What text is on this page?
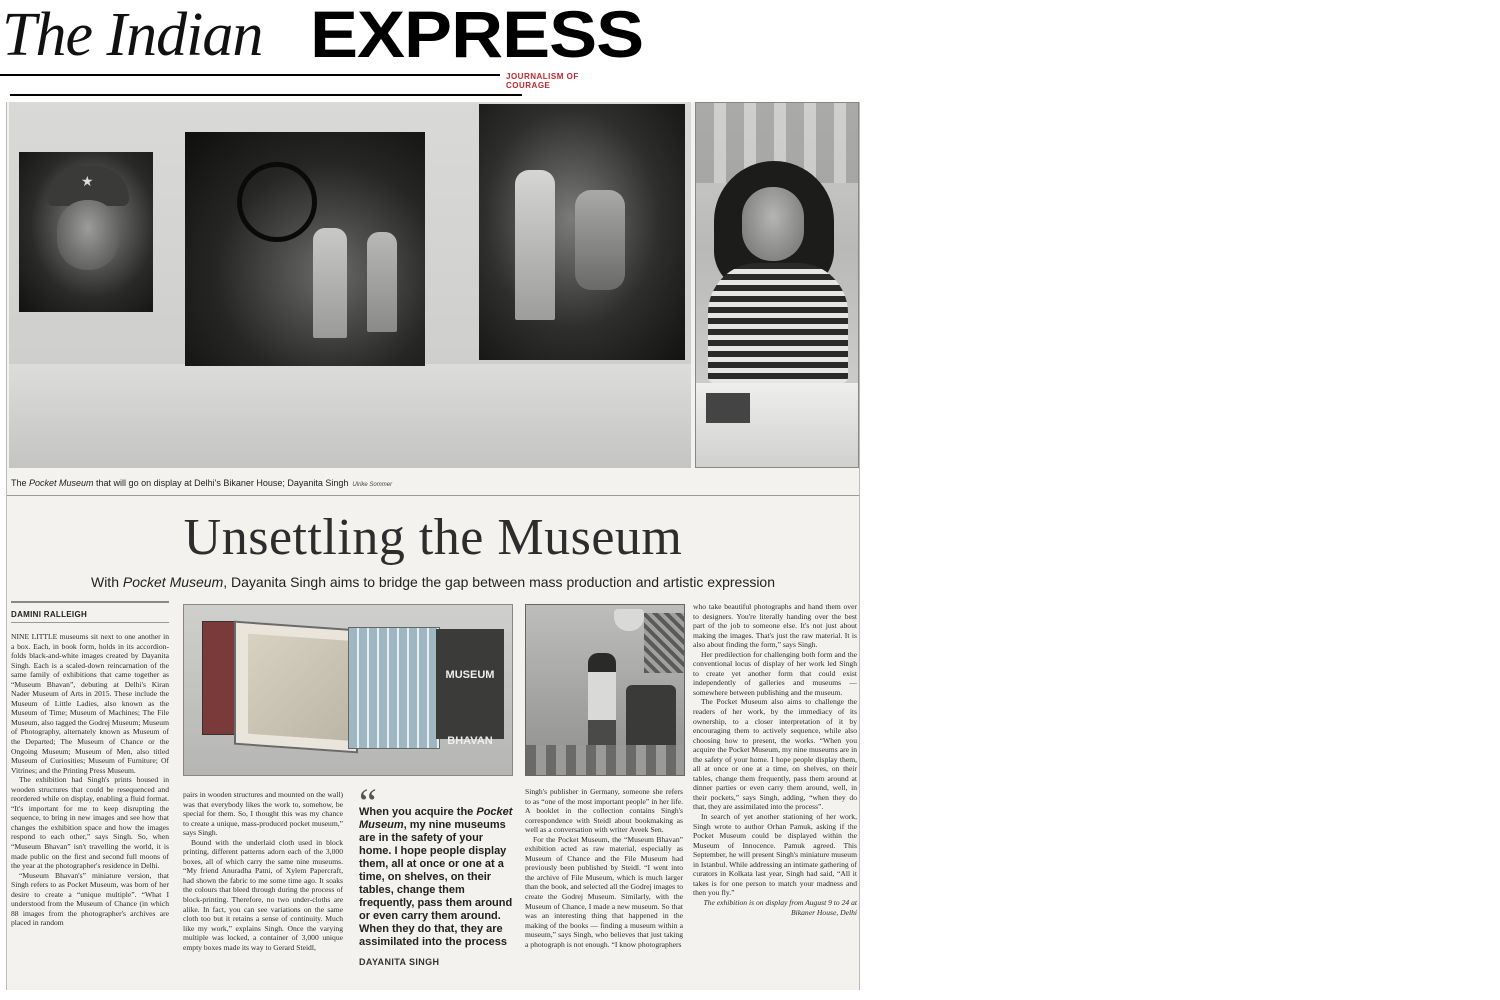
The Indian EXPRESS
JOURNALISM OF COURAGE
★
The Pocket Museum that will go on display at Delhi's Bikaner House; Dayanita Singh Ulrike Sommer
Unsettling the Museum
With Pocket Museum, Dayanita Singh aims to bridge the gap between mass production and artistic expression
DAMINI RALLEIGH

NINE LITTLE museums sit next to one another in a box. Each, in book form, holds in its accordion-folds black-and-white images created by Dayanita Singh. Each is a scaled-down reincarnation of the same family of exhibitions that came together as “Museum Bhavan”, debuting at Delhi's Kiran Nader Museum of Arts in 2015. These include the Museum of Little Ladies, also known as the Museum of Time; Museum of Machines; The File Museum, also tagged the Godrej Museum; Museum of Photography, alternately known as Museum of the Departed; The Museum of Chance or the Ongoing Museum; Museum of Men, also titled Museum of Curiosities; Museum of Furniture; Of Vitrines; and the Printing Press Museum.

The exhibition had Singh's prints housed in wooden structures that could be resequenced and reordered while on display, enabling a fluid format. “It's important for me to keep disrupting the sequence, to bring in new images and see how that changes the exhibition space and how the images respond to each other,” says Singh. So, when “Museum Bhavan” isn't travelling the world, it is made public on the first and second full moons of the year at the photographer's residence in Delhi.

“Museum Bhavan's” miniature version, that Singh refers to as Pocket Museum, was born of her desire to create a “unique multiple”. “What I understood from the Museum of Chance (in which 88 images from the photographer's archives are placed in random

MUSEUM

BHAVAN

pairs in wooden structures and mounted on the wall) was that everybody likes the work to, somehow, be special for them. So, I thought this was my chance to create a unique, mass-produced pocket museum,” says Singh.

Bound with the underlaid cloth used in block printing, different patterns adorn each of the 3,000 boxes, all of which carry the same nine museums. “My friend Anuradha Patni, of Xylem Papercraft, had shown the fabric to me some time ago. It soaks the colours that bleed through during the process of block-printing. Therefore, no two under-cloths are alike. In fact, you can see variations on the same cloth too but it retains a sense of continuity. Much like my work,” explains Singh. Once the varying multiple was locked, a container of 3,000 unique empty boxes made its way to Gerard Steidl,

“
When you acquire the Pocket Museum, my nine museums are in the safety of your home. I hope people display them, all at once or one at a time, on shelves, on their tables, change them frequently, pass them around or even carry them around. When they do that, they are assimilated into the process
DAYANITA SINGH

Singh's publisher in Germany, someone she refers to as “one of the most important people” in her life. A booklet in the collection contains Singh's correspondence with Steidl about bookmaking as well as a conversation with writer Aveek Sen.

For the Pocket Museum, the “Museum Bhavan” exhibition acted as raw material, especially as Museum of Chance and the File Museum had previously been published by Steidl. “I went into the archive of File Museum, which is much larger than the book, and selected all the Godrej images to create the Godrej Museum. Similarly, with the Museum of Chance, I made a new museum. So that was an interesting thing that happened in the making of the books — finding a museum within a museum,” says Singh, who believes that just taking a photograph is not enough. “I know photographers

who take beautiful photographs and hand them over to designers. You're literally handing over the best part of the job to someone else. It's not just about making the images. That's just the raw material. It is also about finding the form,” says Singh.

Her predilection for challenging both form and the conventional locus of display of her work led Singh to create yet another form that could exist independently of galleries and museums — somewhere between publishing and the museum.

The Pocket Museum also aims to challenge the readers of her work, by the immediacy of its ownership, to a closer interpretation of it by encouraging them to actively sequence, while also choosing how to present, the works. “When you acquire the Pocket Museum, my nine museums are in the safety of your home. I hope people display them, all at once or one at a time, on shelves, on their tables, change them frequently, pass them around at dinner parties or even carry them around, well, in their pockets,” says Singh, adding, “when they do that, they are assimilated into the process”.

In search of yet another stationing of her work, Singh wrote to author Orhan Pamuk, asking if the Pocket Museum could be displayed within the Museum of Innocence. Pamuk agreed. This September, he will present Singh's miniature museum in Istanbul. While addressing an intimate gathering of curators in Kolkata last year, Singh had said, “All it takes is for one person to match your madness and then you fly.”

The exhibition is on display from August 9 to 24 at Bikaner House, Delhi
